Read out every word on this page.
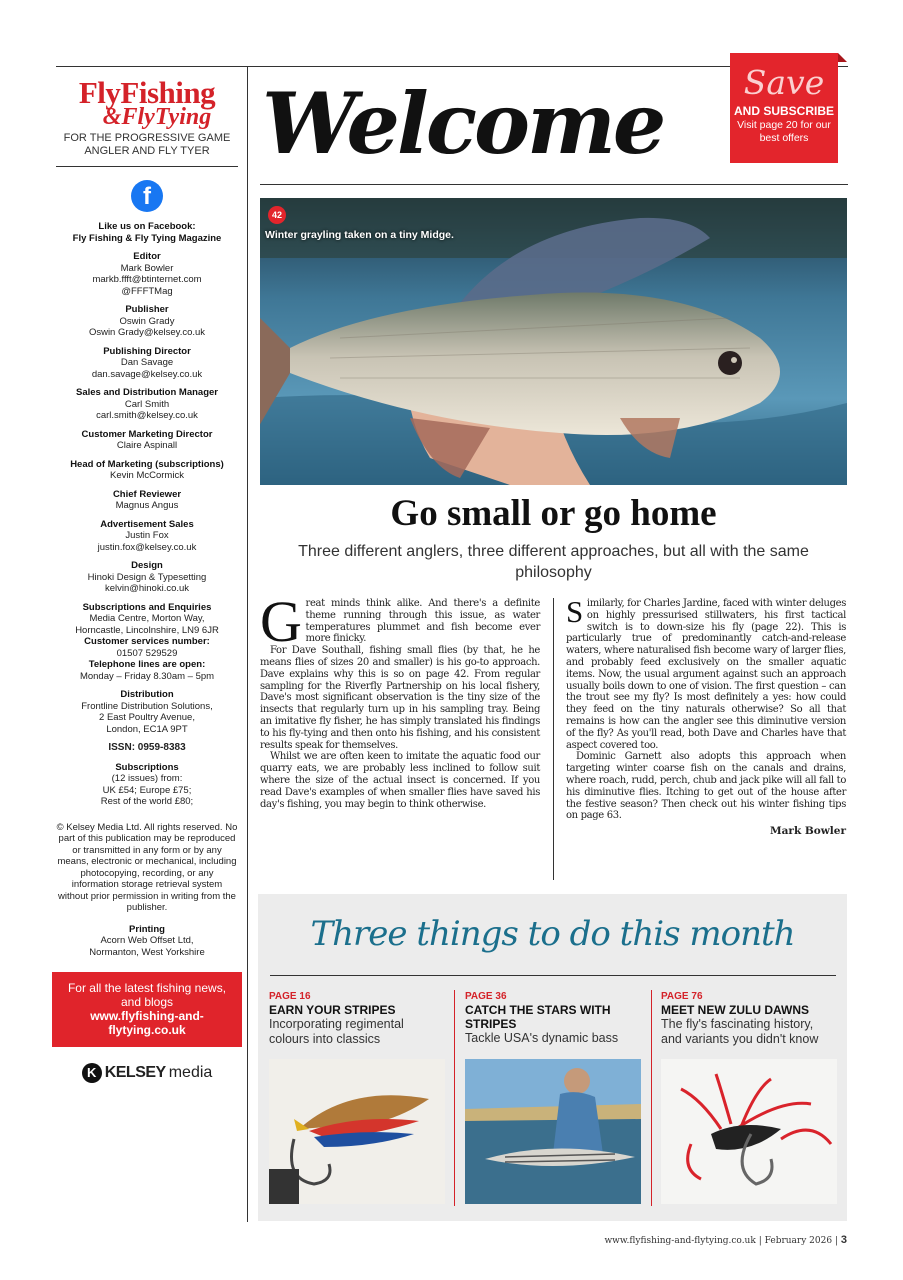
FlyFishing
&FlyTying
FOR THE PROGRESSIVE GAME ANGLER AND FLY TYER
f
Like us on Facebook:
Fly Fishing & Fly Tying Magazine
Editor
Mark Bowler
markb.ffft@btinternet.com
@FFFTMag
Publisher
Oswin Grady
Oswin Grady@kelsey.co.uk
Publishing Director
Dan Savage
dan.savage@kelsey.co.uk
Sales and Distribution Manager
Carl Smith
carl.smith@kelsey.co.uk
Customer Marketing Director
Claire Aspinall
Head of Marketing (subscriptions)
Kevin McCormick
Chief Reviewer
Magnus Angus
Advertisement Sales
Justin Fox
justin.fox@kelsey.co.uk
Design
Hinoki Design & Typesetting
kelvin@hinoki.co.uk
Subscriptions and Enquiries
Media Centre, Morton Way,
Horncastle, Lincolnshire, LN9 6JR
Customer services number:
01507 529529
Telephone lines are open:
Monday – Friday 8.30am – 5pm
Distribution
Frontline Distribution Solutions,
2 East Poultry Avenue,
London, EC1A 9PT
ISSN: 0959-8383
Subscriptions
(12 issues) from:
UK £54; Europe £75;
Rest of the world £80;
© Kelsey Media Ltd. All rights reserved. No part of this publication may be reproduced or transmitted in any form or by any means, electronic or mechanical, including photocopying, recording, or any information storage retrieval system without prior permission in writing from the publisher.
Printing
Acorn Web Offset Ltd,
Normanton, West Yorkshire
For all the latest fishing news, and blogs
www.flyfishing-and-flytying.co.uk
K KELSEY media
Welcome	Save
AND SUBSCRIBE
Visit page 20 for our best offers
42
Winter grayling taken on a tiny Midge.
Go small or go home
Three different anglers, three different approaches, but all with the same philosophy

Great minds think alike. And there's a definite theme running through this issue, as water temperatures plummet and fish become ever more finicky.

For Dave Southall, fishing small flies (by that, he he means flies of sizes 20 and smaller) is his go-to approach. Dave explains why this is so on page 42. From regular sampling for the Riverfly Partnership on his local fishery, Dave's most significant observation is the tiny size of the insects that regularly turn up in his sampling tray. Being an imitative fly fisher, he has simply translated his findings to his fly-tying and then onto his fishing, and his consistent results speak for themselves.

Whilst we are often keen to imitate the aquatic food our quarry eats, we are probably less inclined to follow suit where the size of the actual insect is concerned. If you read Dave's examples of when smaller flies have saved his day's fishing, you may begin to think otherwise.

Similarly, for Charles Jardine, faced with winter deluges on highly pressurised stillwaters, his first tactical switch is to down-size his fly (page 22). This is particularly true of predominantly catch-and-release waters, where naturalised fish become wary of larger flies, and probably feed exclusively on the smaller aquatic items. Now, the usual argument against such an approach usually boils down to one of vision. The first question – can the trout see my fly? Is most definitely a yes: how could they feed on the tiny naturals otherwise? So all that remains is how can the angler see this diminutive version of the fly? As you'll read, both Dave and Charles have that aspect covered too.

Dominic Garnett also adopts this approach when targeting winter coarse fish on the canals and drains, where roach, rudd, perch, chub and jack pike will all fall to his diminutive flies. Itching to get out of the house after the festive season? Then check out his winter fishing tips on page 63.

Mark Bowler
Three things to do this month
PAGE 16
EARN YOUR STRIPES
Incorporating regimental colours into classics
PAGE 36
CATCH THE STARS WITH STRIPES
Tackle USA's dynamic bass
PAGE 76
MEET NEW ZULU DAWNS
The fly's fascinating history, and variants you didn't know
www.flyfishing-and-flytying.co.uk | February 2026 | 3
